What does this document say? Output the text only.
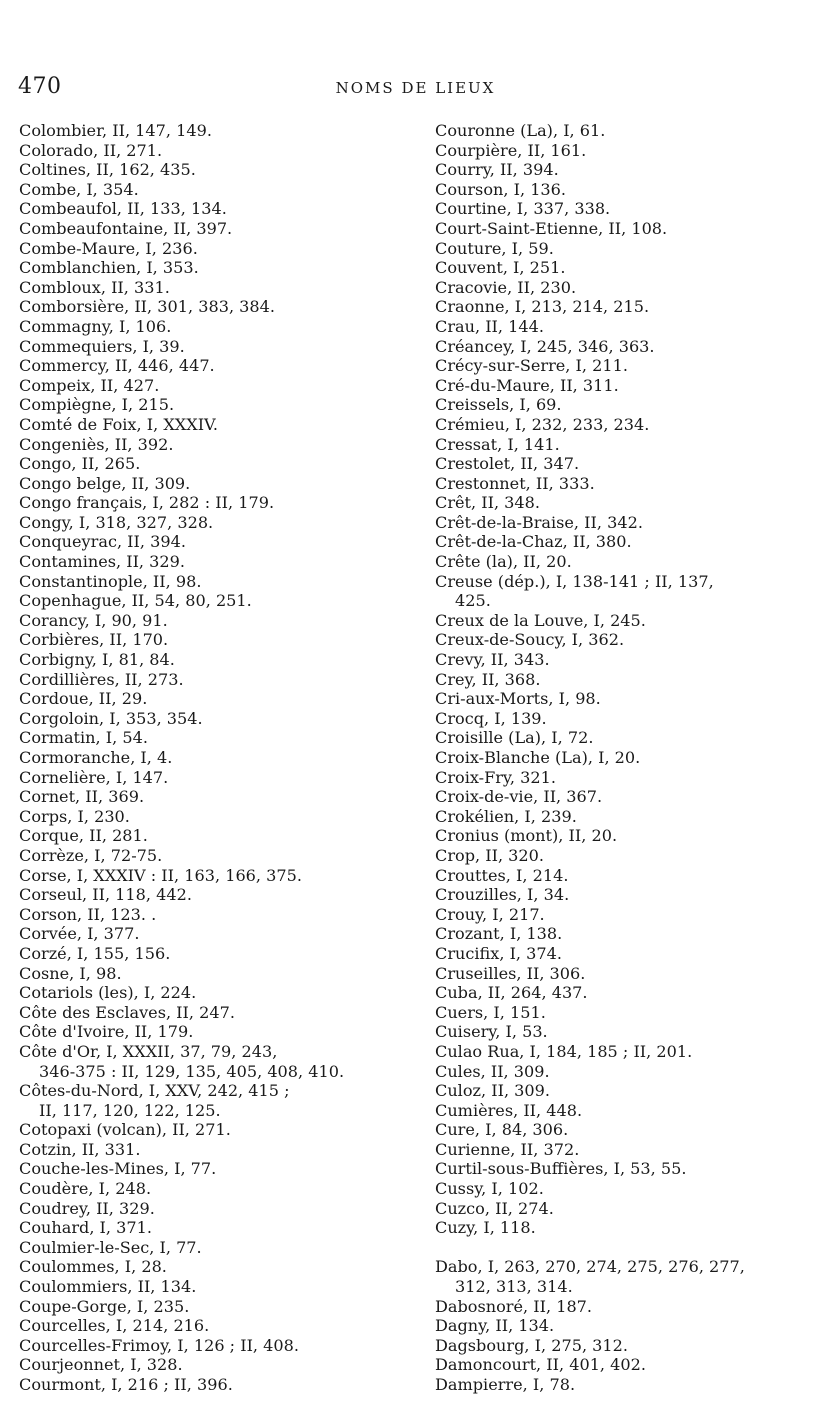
470	NOMS DE LIEUX
Colombier, II, 147, 149.
Colorado, II, 271.
Coltines, II, 162, 435.
Combe, I, 354.
Combeaufol, II, 133, 134.
Combeaufontaine, II, 397.
Combe-Maure, I, 236.
Comblanchien, I, 353.
Combloux, II, 331.
Comborsière, II, 301, 383, 384.
Commagny, I, 106.
Commequiers, I, 39.
Commercy, II, 446, 447.
Compeix, II, 427.
Compiègne, I, 215.
Comté de Foix, I, XXXIV.
Congeniès, II, 392.
Congo, II, 265.
Congo belge, II, 309.
Congo français, I, 282 : II, 179.
Congy, I, 318, 327, 328.
Conqueyrac, II, 394.
Contamines, II, 329.
Constantinople, II, 98.
Copenhague, II, 54, 80, 251.
Corancy, I, 90, 91.
Corbières, II, 170.
Corbigny, I, 81, 84.
Cordillières, II, 273.
Cordoue, II, 29.
Corgoloin, I, 353, 354.
Cormatin, I, 54.
Cormoranche, I, 4.
Cornelière, I, 147.
Cornet, II, 369.
Corps, I, 230.
Corque, II, 281.
Corrèze, I, 72-75.
Corse, I, XXXIV : II, 163, 166, 375.
Corseul, II, 118, 442.
Corson, II, 123. .
Corvée, I, 377.
Corzé, I, 155, 156.
Cosne, I, 98.
Cotariols (les), I, 224.
Côte des Esclaves, II, 247.
Côte d'Ivoire, II, 179.
Côte d'Or, I, XXXII, 37, 79, 243,
346-375 : II, 129, 135, 405, 408, 410.
Côtes-du-Nord, I, XXV, 242, 415 ;
II, 117, 120, 122, 125.
Cotopaxi (volcan), II, 271.
Cotzin, II, 331.
Couche-les-Mines, I, 77.
Coudère, I, 248.
Coudrey, II, 329.
Couhard, I, 371.
Coulmier-le-Sec, I, 77.
Coulommes, I, 28.
Coulommiers, II, 134.
Coupe-Gorge, I, 235.
Courcelles, I, 214, 216.
Courcelles-Frimoy, I, 126 ; II, 408.
Courjeonnet, I, 328.
Courmont, I, 216 ; II, 396.
Couronne (La), I, 61.
Courpière, II, 161.
Courry, II, 394.
Courson, I, 136.
Courtine, I, 337, 338.
Court-Saint-Etienne, II, 108.
Couture, I, 59.
Couvent, I, 251.
Cracovie, II, 230.
Craonne, I, 213, 214, 215.
Crau, II, 144.
Créancey, I, 245, 346, 363.
Crécy-sur-Serre, I, 211.
Cré-du-Maure, II, 311.
Creissels, I, 69.
Crémieu, I, 232, 233, 234.
Cressat, I, 141.
Crestolet, II, 347.
Crestonnet, II, 333.
Crêt, II, 348.
Crêt-de-la-Braise, II, 342.
Crêt-de-la-Chaz, II, 380.
Crête (la), II, 20.
Creuse (dép.), I, 138-141 ; II, 137,
425.
Creux de la Louve, I, 245.
Creux-de-Soucy, I, 362.
Crevy, II, 343.
Crey, II, 368.
Cri-aux-Morts, I, 98.
Crocq, I, 139.
Croisille (La), I, 72.
Croix-Blanche (La), I, 20.
Croix-Fry, 321.
Croix-de-vie, II, 367.
Crokélien, I, 239.
Cronius (mont), II, 20.
Crop, II, 320.
Crouttes, I, 214.
Crouzilles, I, 34.
Crouy, I, 217.
Crozant, I, 138.
Crucifix, I, 374.
Cruseilles, II, 306.
Cuba, II, 264, 437.
Cuers, I, 151.
Cuisery, I, 53.
Culao Rua, I, 184, 185 ; II, 201.
Cules, II, 309.
Culoz, II, 309.
Cumières, II, 448.
Cure, I, 84, 306.
Curienne, II, 372.
Curtil-sous-Buffières, I, 53, 55.
Cussy, I, 102.
Cuzco, II, 274.
Cuzy, I, 118.
Dabo, I, 263, 270, 274, 275, 276, 277,
312, 313, 314.
Dabosnoré, II, 187.
Dagny, II, 134.
Dagsbourg, I, 275, 312.
Damoncourt, II, 401, 402.
Dampierre, I, 78.
